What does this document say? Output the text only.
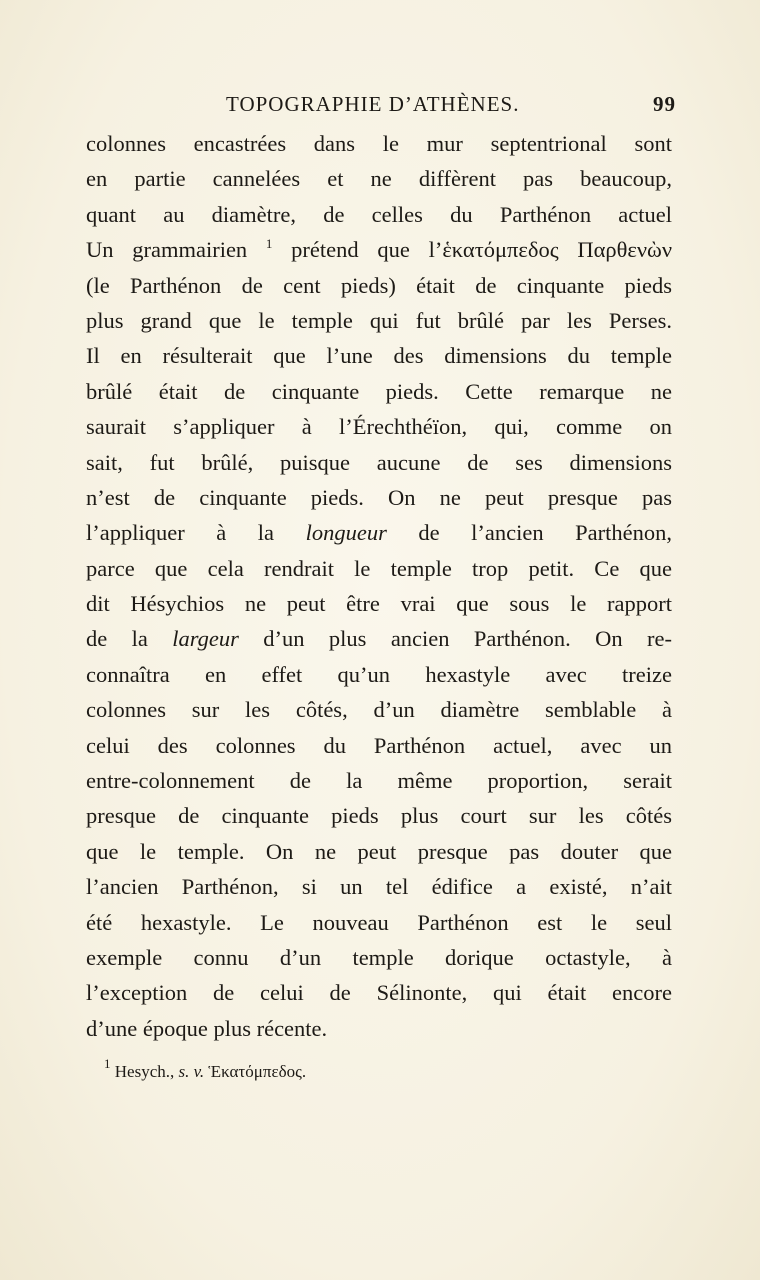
TOPOGRAPHIE D’ATHÈNES.	99
colonnes encastrées dans le mur septentrional sont
en partie cannelées et ne diffèrent pas beaucoup,
quant au diamètre, de celles du Parthénon actuel
Un grammairien $^1$ prétend que l’ἑκατόμπεδος Παρθενὼν
(le Parthénon de cent pieds) était de cinquante pieds
plus grand que le temple qui fut brûlé par les Perses.
Il en résulterait que l’une des dimensions du temple
brûlé était de cinquante pieds. Cette remarque ne
saurait s’appliquer à l’Érechthéïon, qui, comme on
sait, fut brûlé, puisque aucune de ses dimensions
n’est de cinquante pieds. On ne peut presque pas
l’appliquer à la longueur de l’ancien Parthénon,
parce que cela rendrait le temple trop petit. Ce que
dit Hésychios ne peut être vrai que sous le rapport
de la largeur d’un plus ancien Parthénon. On re-
connaîtra en effet qu’un hexastyle avec treize
colonnes sur les côtés, d’un diamètre semblable à
celui des colonnes du Parthénon actuel, avec un
entre-colonnement de la même proportion, serait
presque de cinquante pieds plus court sur les côtés
que le temple. On ne peut presque pas douter que
l’ancien Parthénon, si un tel édifice a existé, n’ait
été hexastyle. Le nouveau Parthénon est le seul
exemple connu d’un temple dorique octastyle, à
l’exception de celui de Sélinonte, qui était encore
d’une époque plus récente.
$^1$ Hesych., s. v. Ἑκατόμπεδος.
